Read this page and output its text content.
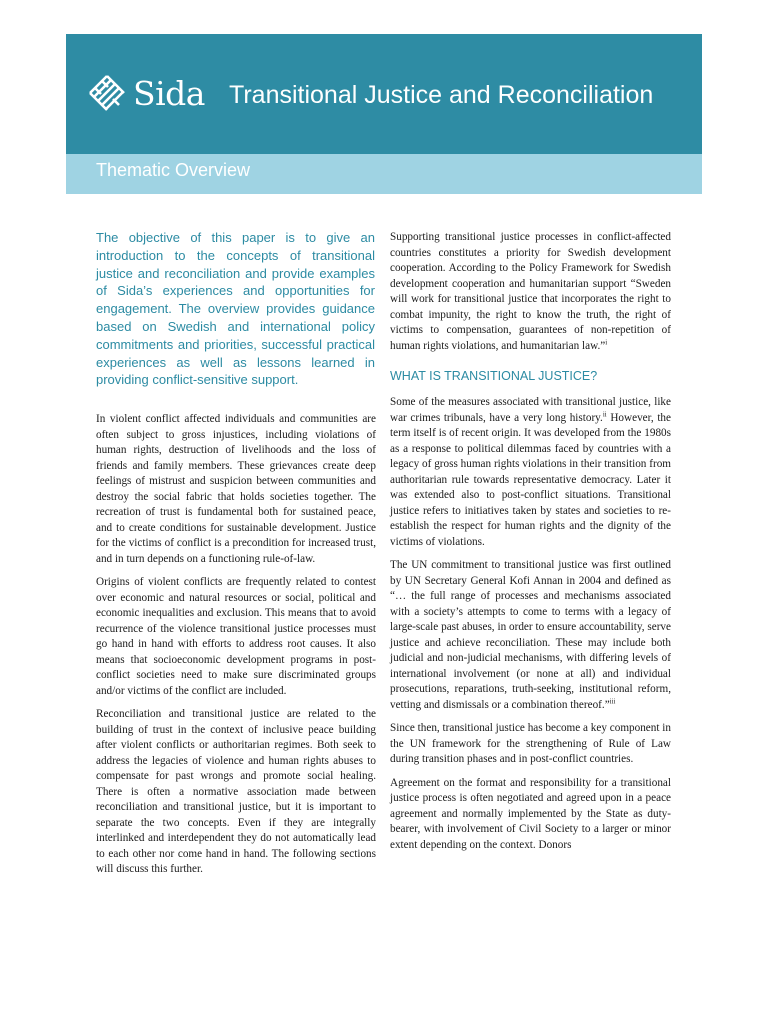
Sida Transitional Justice and Reconciliation
Thematic Overview
The objective of this paper is to give an introduction to the concepts of transitional justice and reconciliation and provide examples of Sida’s experiences and opportunities for engagement. The overview provides guidance based on Swedish and international policy commitments and priorities, successful practical experiences as well as lessons learned in providing conflict-sensitive support.

In violent conflict affected individuals and communities are often subject to gross injustices, including violations of human rights, destruction of livelihoods and the loss of friends and family members. These grievances create deep feelings of mistrust and suspicion between communities and destroy the social fabric that holds societies together. The recreation of trust is fundamental both for sustained peace, and to create conditions for sustainable development. Justice for the victims of conflict is a precondition for increased trust, and in turn depends on a functioning rule-of-law.

Origins of violent conflicts are frequently related to contest over economic and natural resources or social, political and economic inequalities and exclusion. This means that to avoid recurrence of the violence transitional justice processes must go hand in hand with efforts to address root causes. It also means that socioeconomic development programs in post-conflict societies need to make sure discriminated groups and/or victims of the conflict are included.

Reconciliation and transitional justice are related to the building of trust in the context of inclusive peace building after violent conflicts or authoritarian regimes. Both seek to address the legacies of violence and human rights abuses to compensate for past wrongs and promote social healing. There is often a normative association made between reconciliation and transitional justice, but it is important to separate the two concepts. Even if they are integrally interlinked and interdependent they do not automatically lead to each other nor come hand in hand. The following sections will discuss this further.

Supporting transitional justice processes in conflict-affected countries constitutes a priority for Swedish development cooperation. According to the Policy Framework for Swedish development cooperation and humanitarian support “Sweden will work for transitional justice that incorporates the right to combat impunity, the right to know the truth, the right of victims to compensation, guarantees of non-repetition of human rights violations, and humanitarian law.”$^i$

WHAT IS TRANSITIONAL JUSTICE?

Some of the measures associated with transitional justice, like war crimes tribunals, have a very long history.$^{ii}$ However, the term itself is of recent origin. It was developed from the 1980s as a response to political dilemmas faced by countries with a legacy of gross human rights violations in their transition from authoritarian rule towards representative democracy. Later it was extended also to post-conflict situations. Transitional justice refers to initiatives taken by states and societies to re-establish the respect for human rights and the dignity of the victims of violations.

The UN commitment to transitional justice was first outlined by UN Secretary General Kofi Annan in 2004 and defined as “… the full range of processes and mechanisms associated with a society’s attempts to come to terms with a legacy of large-scale past abuses, in order to ensure accountability, serve justice and achieve reconciliation. These may include both judicial and non-judicial mechanisms, with differing levels of international involvement (or none at all) and individual prosecutions, reparations, truth-seeking, institutional reform, vetting and dismissals or a combination thereof.”$^{iii}$

Since then, transitional justice has become a key component in the UN framework for the strengthening of Rule of Law during transition phases and in post-conflict countries.

Agreement on the format and responsibility for a transitional justice process is often negotiated and agreed upon in a peace agreement and normally implemented by the State as duty-bearer, with involvement of Civil Society to a larger or minor extent depending on the context. Donors
